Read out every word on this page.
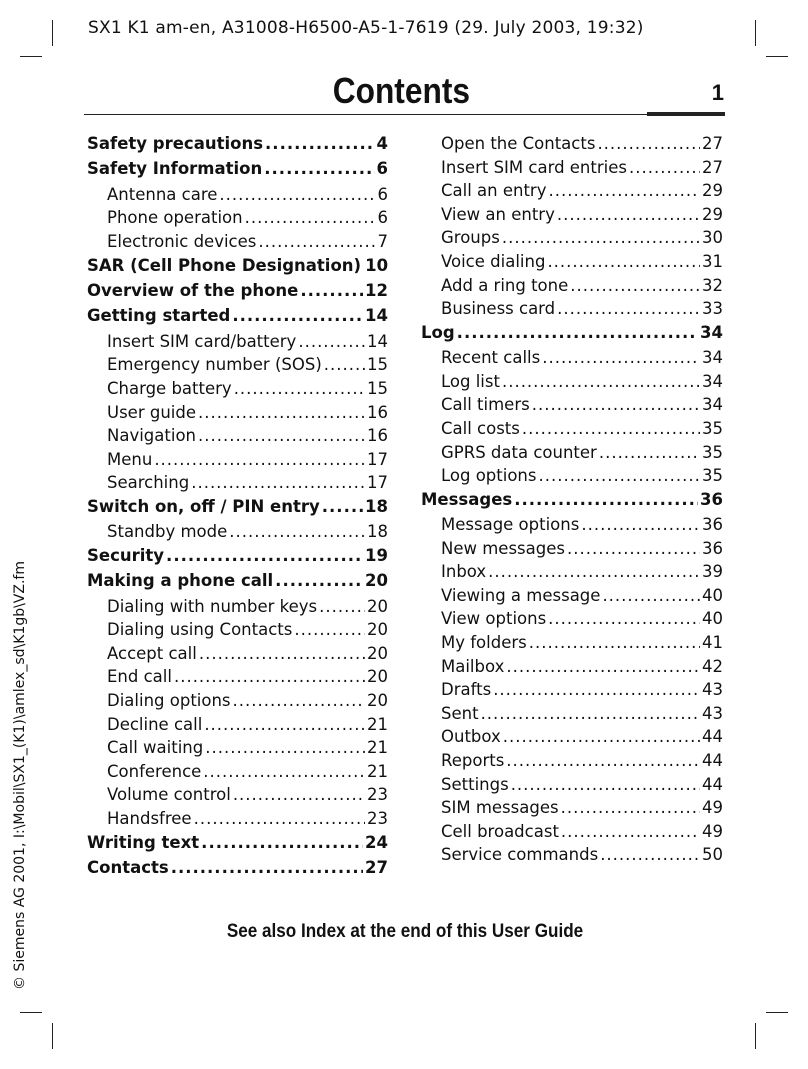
SX1 K1 am-en, A31008-H6500-A5-1-7619 (29. July 2003, 19:32)
Contents	1
© Siemens AG 2001, I:\Mobil\SX1_(K1)\amlex_sd\K1gb\VZ.fm
Safety precautions .....	4
Safety Information .....	6
Antenna care .....	6
Phone operation .....	6
Electronic devices .....	7
SAR (Cell Phone Designation) 10
Overview of the phone .....	12
Getting started .....	14
Insert SIM card/battery .....	14
Emergency number (SOS) .....	15
Charge battery .....	15
User guide .....	16
Navigation .....	16
Menu .....	17
Searching .....	17
Switch on, off / PIN entry .....	18
Standby mode .....	18
Security .....	19
Making a phone call .....	20
Dialing with number keys .....	20
Dialing using Contacts .....	20
Accept call .....	20
End call .....	20
Dialing options .....	20
Decline call .....	21
Call waiting .....	21
Conference .....	21
Volume control .....	23
Handsfree .....	23
Writing text .....	24
Contacts .....	27
Open the Contacts .....	27
Insert SIM card entries .....	27
Call an entry .....	29
View an entry .....	29
Groups .....	30
Voice dialing .....	31
Add a ring tone .....	32
Business card .....	33
Log .....	34
Recent calls .....	34
Log list .....	34
Call timers .....	34
Call costs .....	35
GPRS data counter .....	35
Log options .....	35
Messages .....	36
Message options .....	36
New messages .....	36
Inbox .....	39
Viewing a message .....	40
View options .....	40
My folders .....	41
Mailbox .....	42
Drafts .....	43
Sent .....	43
Outbox .....	44
Reports .....	44
Settings .....	44
SIM messages .....	49
Cell broadcast .....	49
Service commands .....	50
See also Index at the end of this User Guide
